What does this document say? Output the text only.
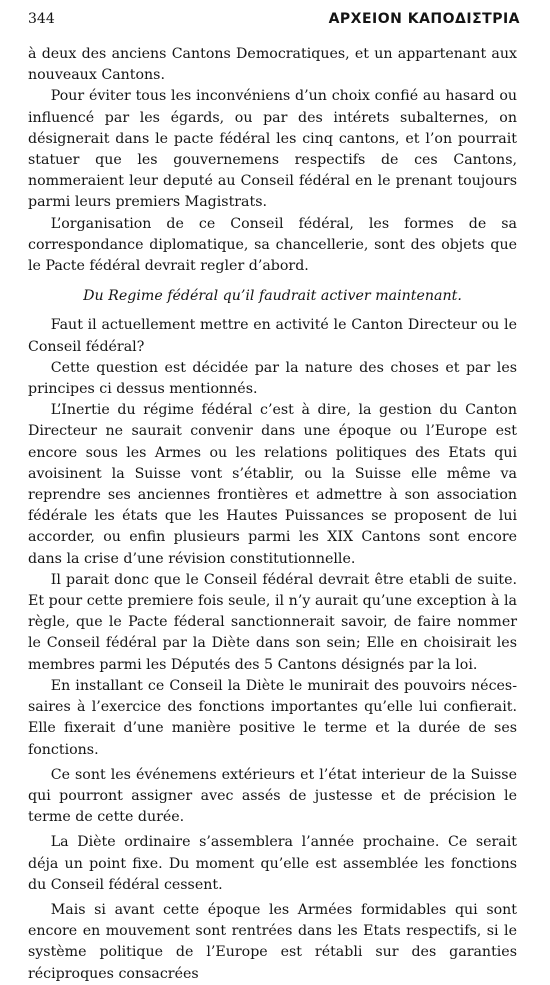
344	ΑΡΧΕΙΟΝ ΚΑΠΟΔΙΣΤΡΙΑ

à deux des anciens Cantons Democratiques, et un appartenant aux nouveaux Cantons.

Pour éviter tous les inconvéniens d’un choix confié au hasard ou influencé par les égards, ou par des intérets subalternes, on désignerait dans le pacte fédéral les cinq cantons, et l’on pourrait statuer que les gouvernemens respectifs de ces Cantons, nommeraient leur deputé au Conseil fédéral en le prenant toujours parmi leurs premiers Magistrats.

L’organisation de ce Conseil fédéral, les formes de sa correspondance diplomatique, sa chancellerie, sont des objets que le Pacte fédéral devrait regler d’abord.

Du Regime fédéral qu’il faudrait activer maintenant.

Faut il actuellement mettre en activité le Canton Directeur ou le Conseil fédéral?

Cette question est décidée par la nature des choses et par les principes ci dessus mentionnés.

L’Inertie du régime fédéral c’est à dire, la gestion du Canton Directeur ne saurait convenir dans une époque ou l’Europe est encore sous les Armes ou les relations politiques des Etats qui avoisinent la Suisse vont s’établir, ou la Suisse elle même va reprendre ses anciennes frontières et admettre à son association fédérale les états que les Hautes Puissances se proposent de lui accorder, ou enfin plusieurs parmi les XIX Cantons sont encore dans la crise d’une révision constitutionnelle.

Il parait donc que le Conseil fédéral devrait être etabli de suite. Et pour cette premiere fois seule, il n’y aurait qu’une exception à la règle, que le Pacte féderal sanctionnerait savoir, de faire nommer le Conseil fédéral par la Diète dans son sein; Elle en choisirait les membres parmi les Députés des 5 Cantons désignés par la loi.

En installant ce Conseil la Diète le munirait des pouvoirs nécessaires à l’exercice des fonctions importantes qu’elle lui confierait. Elle fixerait d’une manière positive le terme et la durée de ses fonctions.

Ce sont les événemens extérieurs et l’état interieur de la Suisse qui pourront assigner avec assés de justesse et de précision le terme de cette durée.

La Diète ordinaire s’assemblera l’année prochaine. Ce serait déja un point fixe. Du moment qu’elle est assemblée les fonctions du Conseil fédéral cessent.

Mais si avant cette époque les Armées formidables qui sont encore en mouvement sont rentrées dans les Etats respectifs, si le système politique de l’Europe est rétabli sur des garanties réciproques consacrées
